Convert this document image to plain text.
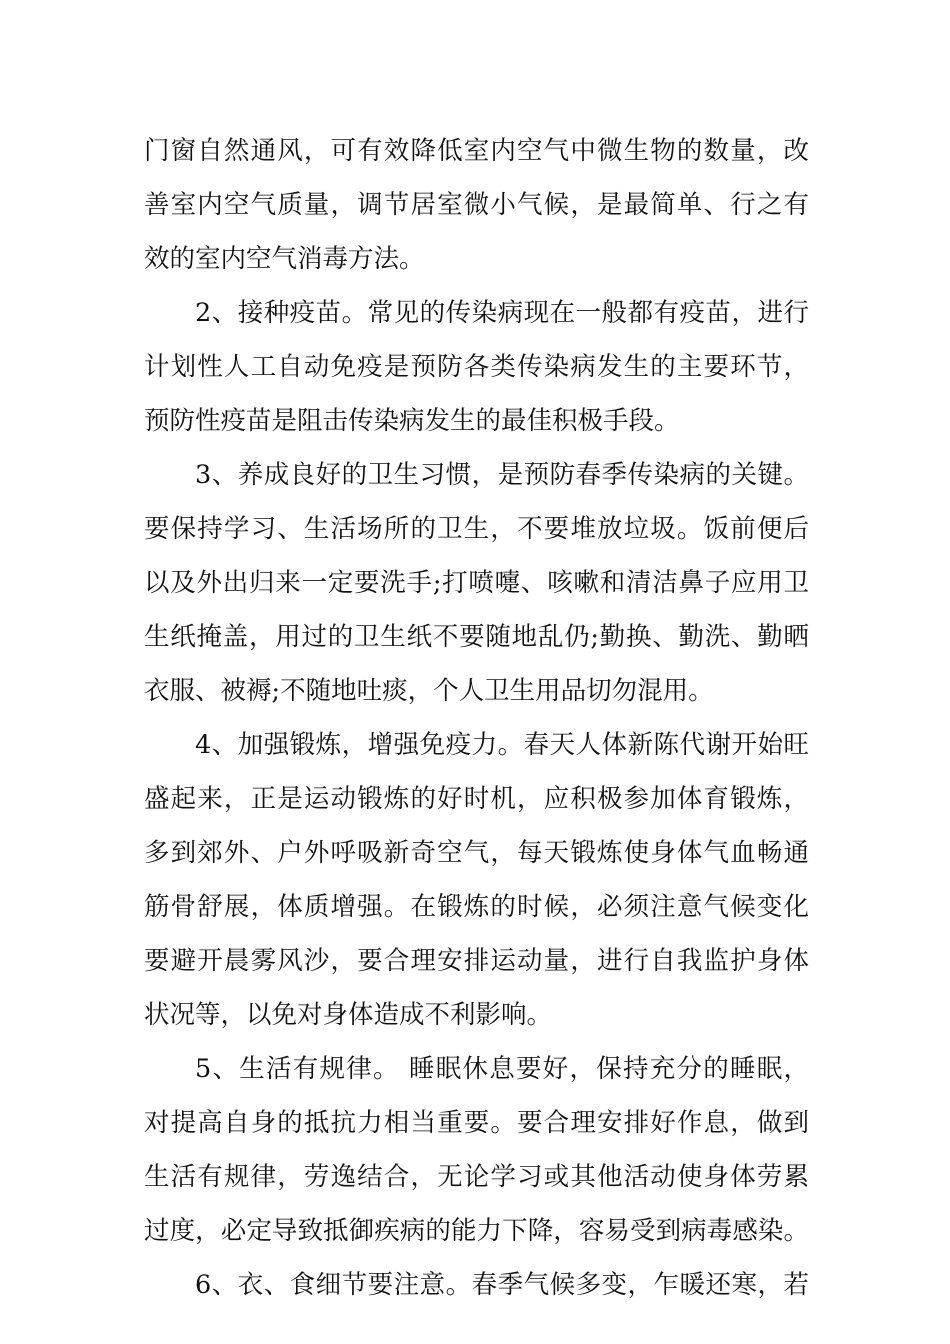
门窗自然通风，可有效降低室内空气中微生物的数量，改
善室内空气质量，调节居室微小气候，是最简单、行之有
效的室内空气消毒方法。
2、接种疫苗。常见的传染病现在一般都有疫苗，进行
计划性人工自动免疫是预防各类传染病发生的主要环节，
预防性疫苗是阻击传染病发生的最佳积极手段。
3、养成良好的卫生习惯，是预防春季传染病的关键。
要保持学习、生活场所的卫生，不要堆放垃圾。饭前便后
以及外出归来一定要洗手;打喷嚏、咳嗽和清洁鼻子应用卫
生纸掩盖，用过的卫生纸不要随地乱仍;勤换、勤洗、勤晒
衣服、被褥;不随地吐痰，个人卫生用品切勿混用。
4、加强锻炼，增强免疫力。春天人体新陈代谢开始旺
盛起来，正是运动锻炼的好时机，应积极参加体育锻炼，
多到郊外、户外呼吸新奇空气，每天锻炼使身体气血畅通
筋骨舒展，体质增强。在锻炼的时候，必须注意气候变化
要避开晨雾风沙，要合理安排运动量，进行自我监护身体
状况等，以免对身体造成不利影响。
5、生活有规律。 睡眠休息要好，保持充分的睡眠，
对提高自身的抵抗力相当重要。要合理安排好作息，做到
生活有规律，劳逸结合，无论学习或其他活动使身体劳累
过度，必定导致抵御疾病的能力下降，容易受到病毒感染。
6、衣、食细节要注意。春季气候多变，乍暖还寒，若
